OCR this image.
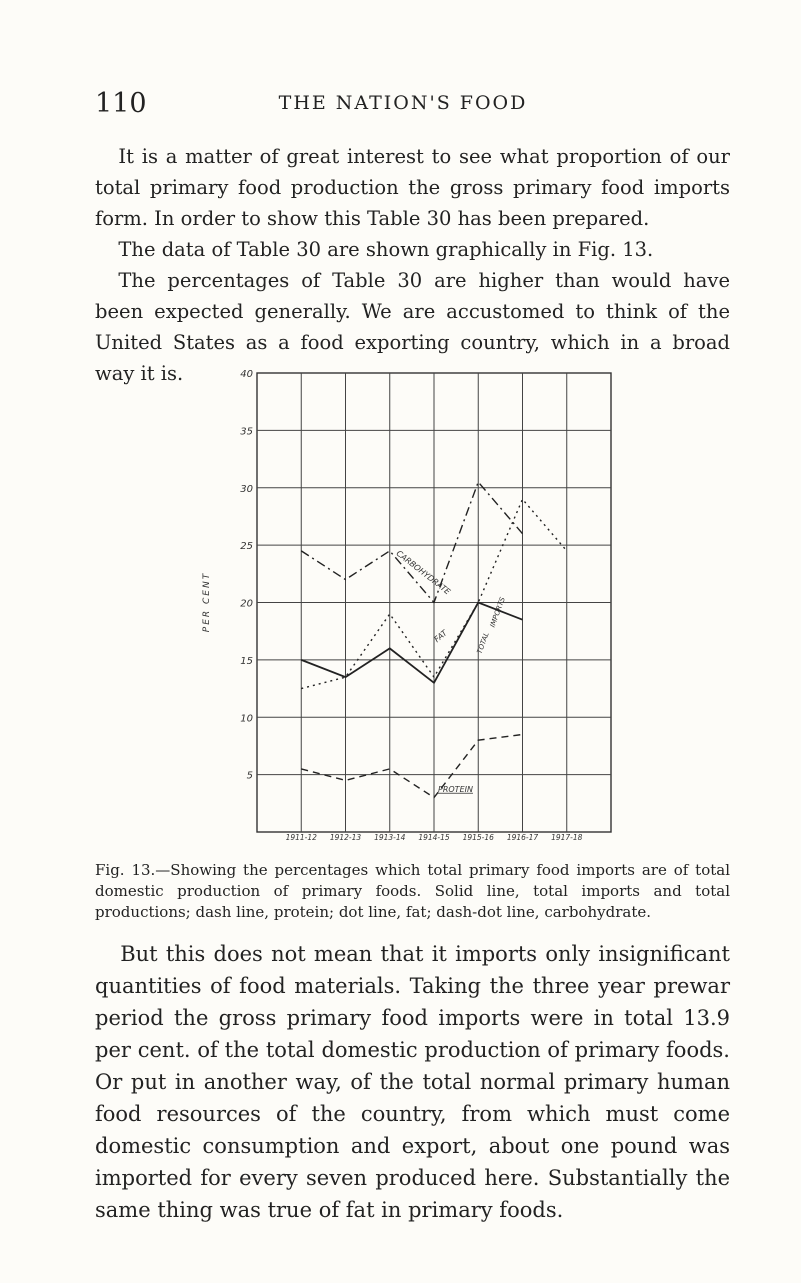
110	THE NATION'S FOOD

It is a matter of great interest to see what proportion of our total primary food production the gross primary food imports form. In order to show this Table 30 has been prepared.

The data of Table 30 are shown graphically in Fig. 13.

The percentages of Table 30 are higher than would have been expected generally. We are accustomed to think of the United States as a food exporting country, which in a broad way it is.	40
35
30
25
20
15
10
5
PER CENT
1911-12 1912-13 1913-14 1914-15 1915-16 1916-17 1917-18
CARBOHYDRATE
FAT	TOTAL
IMPORTS
PROTEIN

Fig. 13.—Showing the percentages which total primary food imports are of total domestic production of primary foods. Solid line, total imports and total productions; dash line, protein; dot line, fat; dash-dot line, carbohydrate.

But this does not mean that it imports only insignificant quantities of food materials. Taking the three year prewar period the gross primary food imports were in total 13.9 per cent. of the total domestic production of primary foods. Or put in another way, of the total normal primary human food resources of the country, from which must come domestic consumption and export, about one pound was imported for every seven produced here. Substantially the same thing was true of fat in primary foods.
